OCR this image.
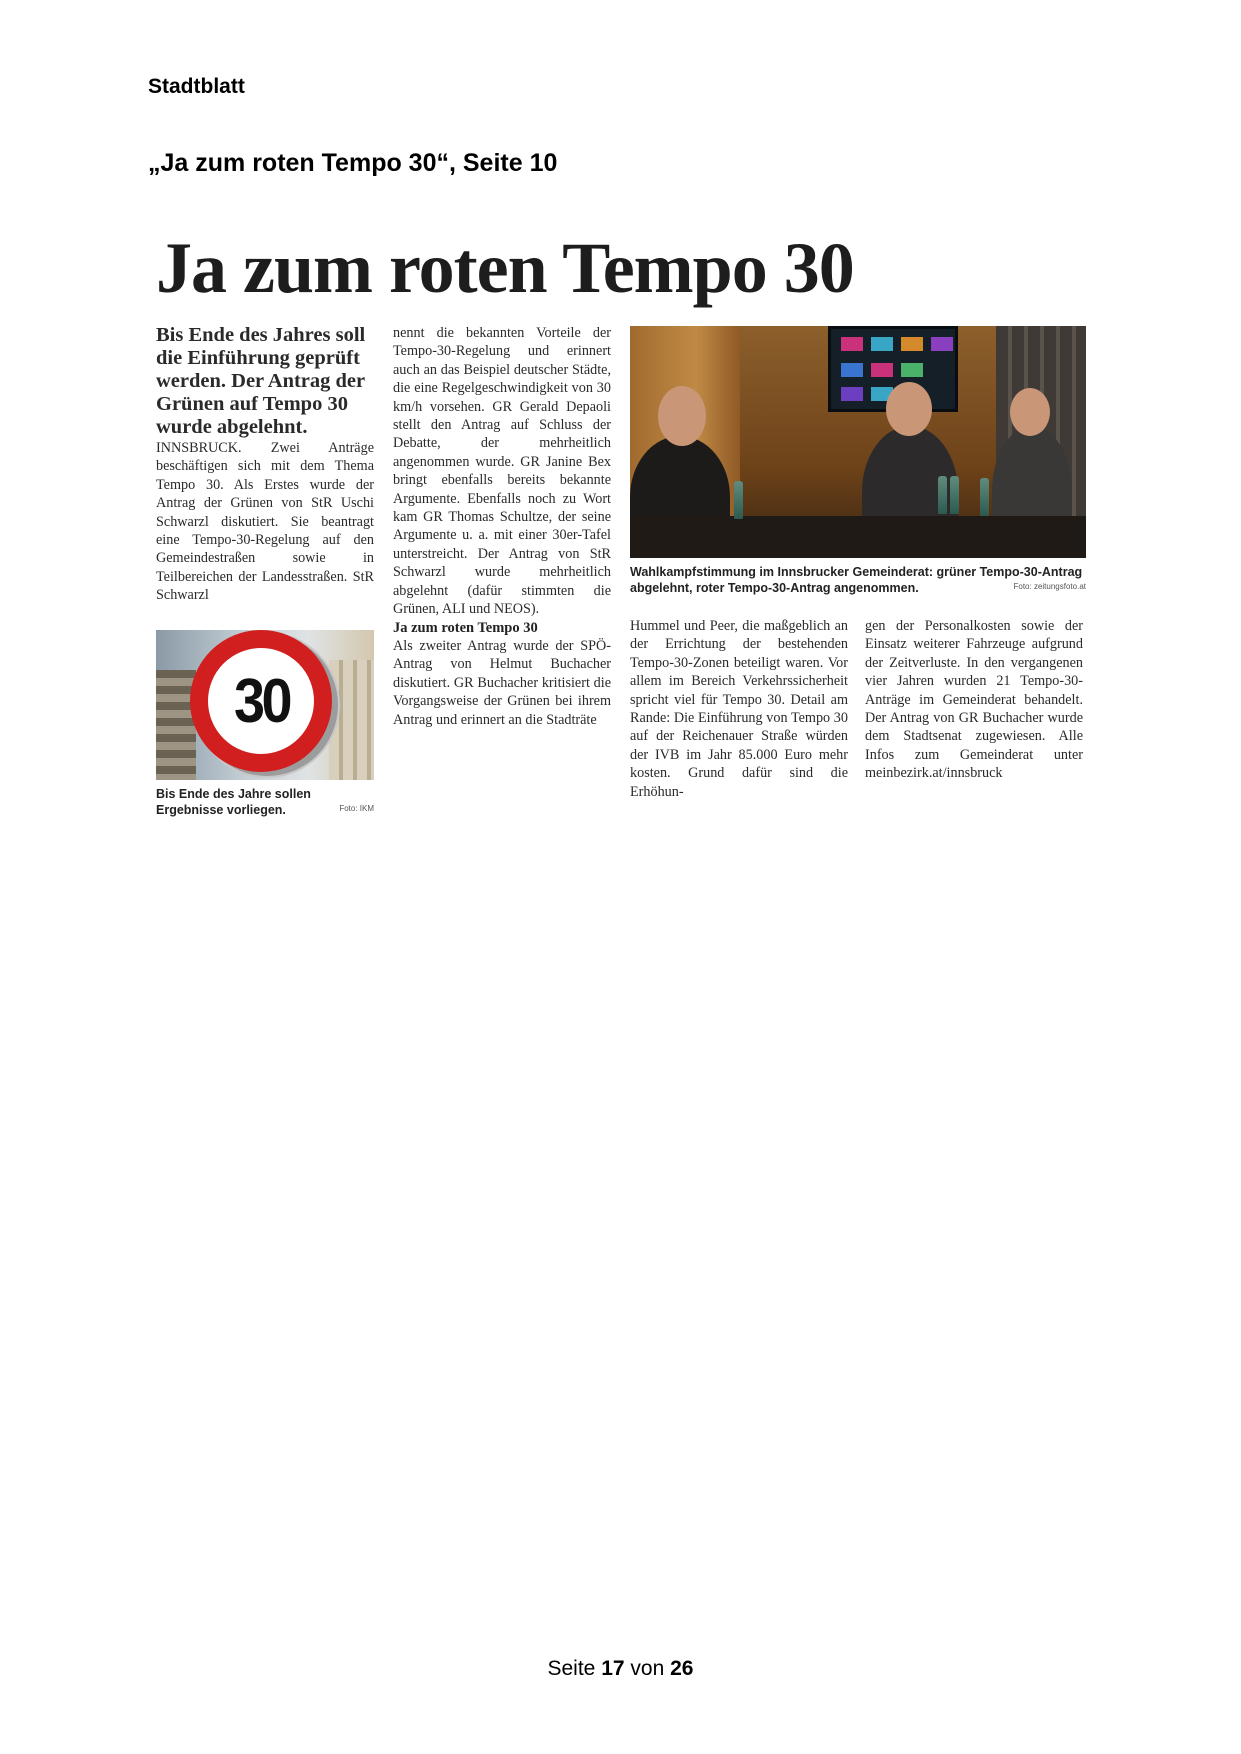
Stadtblatt
„Ja zum roten Tempo 30“, Seite 10
Ja zum roten Tempo 30

Bis Ende des Jahres soll die Einführung geprüft werden. Der Antrag der Grünen auf Tempo 30 wurde abgelehnt.

INNSBRUCK. Zwei Anträge beschäftigen sich mit dem Thema Tempo 30. Als Erstes wurde der Antrag der Grünen von StR Uschi Schwarzl diskutiert. Sie beantragt eine Tempo-30-Regelung auf den Gemeindestraßen sowie in Teilbereichen der Landesstraßen. StR Schwarzl

30
Bis Ende des Jahre sollen Ergebnisse vorliegen.	Foto: IKM

nennt die bekannten Vorteile der Tempo-30-Regelung und erinnert auch an das Beispiel deutscher Städte, die eine Regelgeschwindigkeit von 30 km/h vorsehen. GR Gerald Depaoli stellt den Antrag auf Schluss der Debatte, der mehrheitlich angenommen wurde. GR Janine Bex bringt ebenfalls bereits bekannte Argumente. Ebenfalls noch zu Wort kam GR Thomas Schultze, der seine Argumente u. a. mit einer 30er-Tafel unterstreicht. Der Antrag von StR Schwarzl wurde mehrheitlich abgelehnt (dafür stimmten die Grünen, ALI und NEOS).

Ja zum roten Tempo 30

Als zweiter Antrag wurde der SPÖ-Antrag von Helmut Buchacher diskutiert. GR Buchacher kritisiert die Vorgangsweise der Grünen bei ihrem Antrag und erinnert an die Stadträte

Wahlkampfstimmung im Innsbrucker Gemeinderat: grüner Tempo-30-Antrag abgelehnt, roter Tempo-30-Antrag angenommen.	Foto: zeitungsfoto.at

Hummel und Peer, die maßgeblich an der Errichtung der bestehenden Tempo-30-Zonen beteiligt waren. Vor allem im Bereich Verkehrssicherheit spricht viel für Tempo 30. Detail am Rande: Die Einführung von Tempo 30 auf der Reichenauer Straße würden der IVB im Jahr 85.000 Euro mehr kosten. Grund dafür sind die Erhöhun-

gen der Personalkosten sowie der Einsatz weiterer Fahrzeuge aufgrund der Zeitverluste. In den vergangenen vier Jahren wurden 21 Tempo-30-Anträge im Gemeinderat behandelt. Der Antrag von GR Buchacher wurde dem Stadtsenat zugewiesen. Alle Infos zum Gemeinderat unter meinbezirk.at/innsbruck

Seite 17 von 26
